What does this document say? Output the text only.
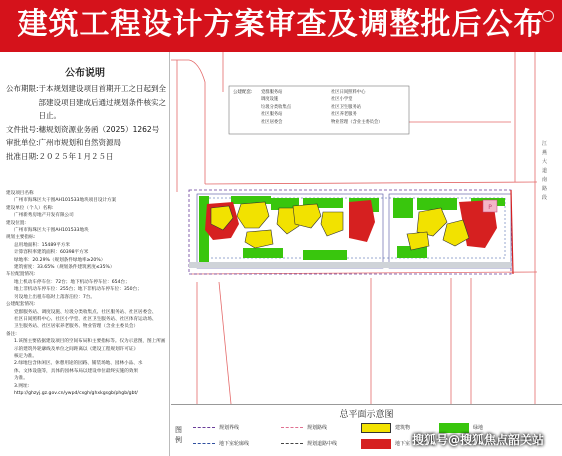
建筑工程设计方案审查及调整批后公布
公布说明
公布期限: 于本规划建设项目首期开工之日起到全部建设项目建成后通过规划条件核实之日止。
文件批号: 穗规划资源业务函（2025）1262号
审批单位: 广州市规划和自然资源局
批准日期: ２０２５年１月２５日
建设项目名称
广州市海珠区大干围AH101533地块项目设计方案
建设单位（个人）名称:
广州新秀房地产开发有限公司
建设位置:
广州市海珠区大干围AH101533地块
规划主要指标:
总用地面积：15489平方米
计算容积率建筑面积：60398平方米
绿地率：20.29%（规划条件绿地率≥20%）
建筑密度：33.65%（规划条件建筑密度≤35%）
车位配置情况:
地上机动车停车位：72台；地下机动车停车位：654台；
地上非机动车停车位：255台；地下非机动车停车位：350台；
另设地上出租车临时上落客泊位：7台。
公建配套情况:
党群服务站、调度设施、垃圾分类收集点、社区服务站、社区居委会、
社区日间照料中心、社区小学堂、社区卫生服务站、社区体育运动场、
卫生服务站、社区居家养老服务、物业管理（含业主委员会）
备注:
1.该图主要依据建设项目的空间布局和主要指标等。仅为示意图，图上所画
示的建筑外轮廓线及单位之间距离以《建设工程规划许可证》
核定为准。
2.绿地包含休闲区、休憩用途的园路、铺装场地、园林小品、水
体、文体设施等，具体的园林布局以建设单位最终实施的效果
为准。
3.网址:
http://ghzyj.gz.gov.cn/ywpd/cxgh/ghxkgsgb/phgb/gbt/
P
公建配套: 党群服务站
调度设施
垃圾分类收集点
社区服务站
社区居委会
社区日间照料中心
社区小学堂
社区卫生服务站
社区养老服务
物业管理（含业主委员会）
江燕大道南路段
总平面示意图
图例
规划界线	规划路线	建筑物	绿地
地下室轮廓线	规划道路中线	地下室 搜狐号@搜狐焦点韶关站
